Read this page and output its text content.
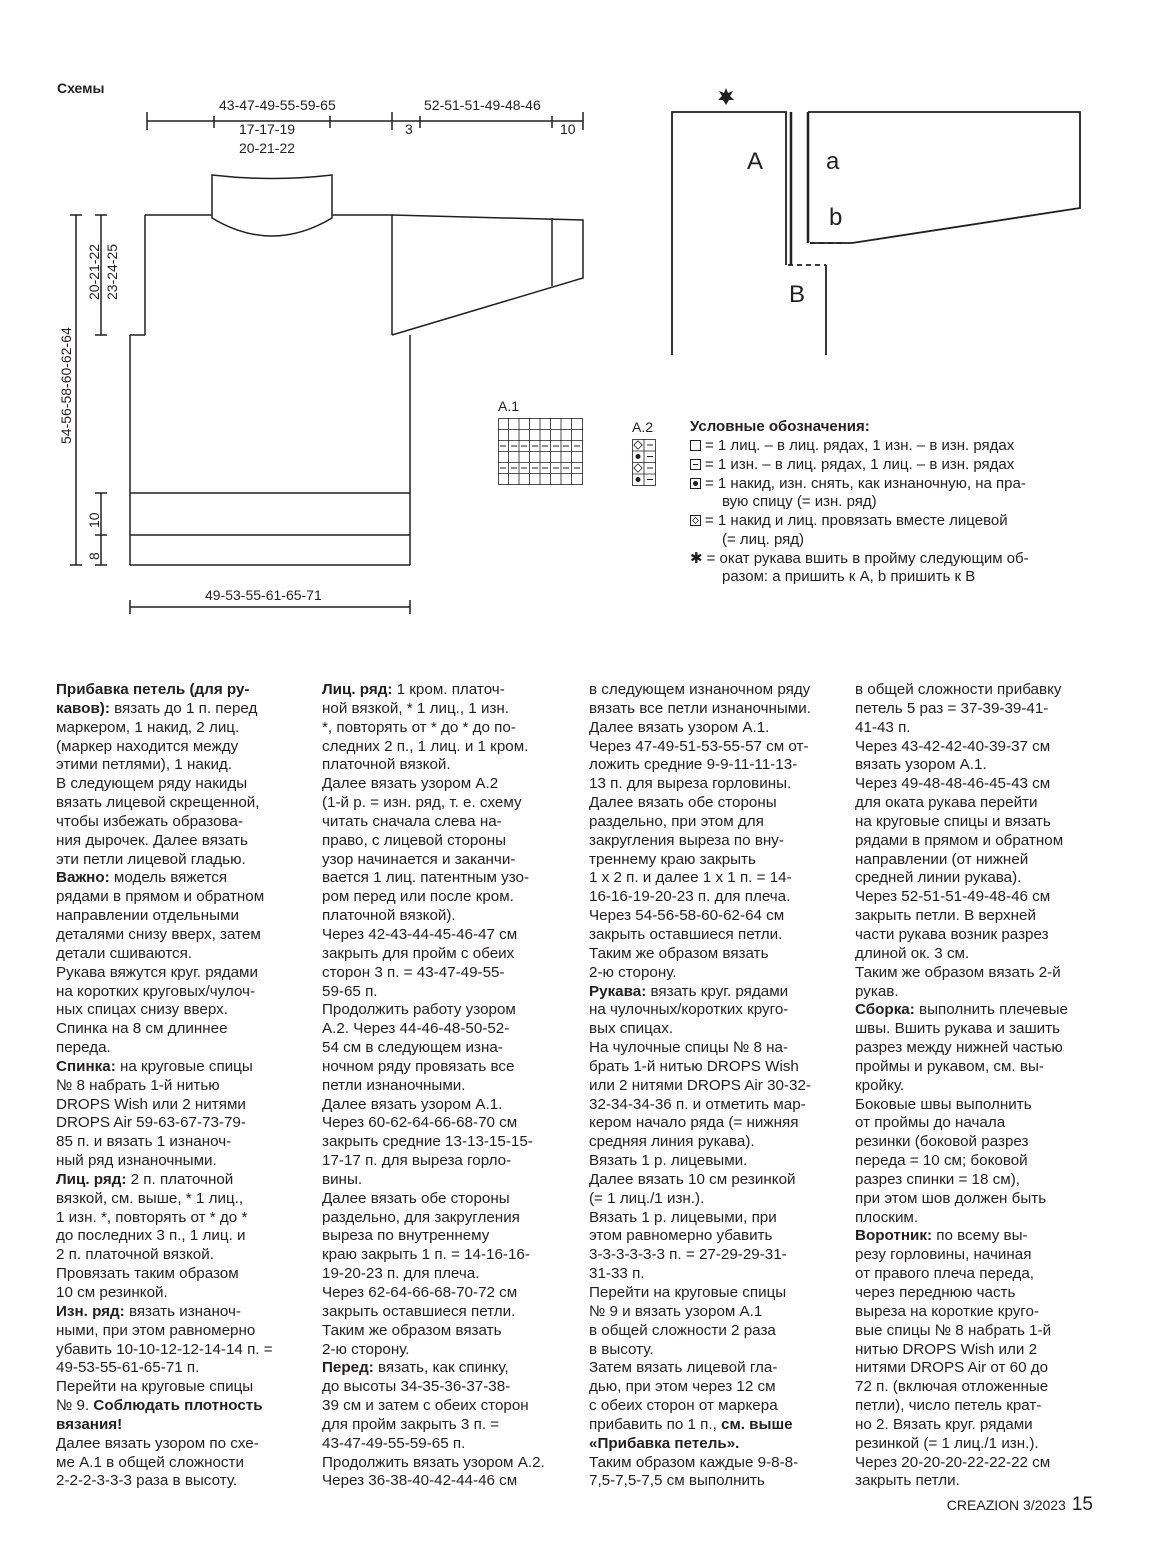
Схемы
43-47-49-55-59-65	52-51-51-49-48-46
17-17-19
20-21-22
3	10
20-21-22 23-24-25
54-56-58-60-62-64
10
8
49-53-55-61-65-71
A	a
b
B
A.1
A.2 Условные обозначения:
= 1 лиц. – в лиц. рядах, 1 изн. – в изн. рядах
= 1 изн. – в лиц. рядах, 1 лиц. – в изн. рядах
= 1 накид, изн. снять, как изнаночную, на пра-
вую спицу (= изн. ряд)
= 1 накид и лиц. провязать вместе лицевой
(= лиц. ряд)
✱ = окат рукава вшить в пройму следующим об-
разом: a пришить к A, b пришить к B

Прибавка петель (для ру-

кавов): вязать до 1 п. перед

маркером, 1 накид, 2 лиц.

(маркер находится между

этими петлями), 1 накид.

В следующем ряду накиды

вязать лицевой скрещенной,

чтобы избежать образова-

ния дырочек. Далее вязать

эти петли лицевой гладью.

Важно: модель вяжется

рядами в прямом и обратном

направлении отдельными

деталями снизу вверх, затем

детали сшиваются.

Рукава вяжутся круг. рядами

на коротких круговых/чулоч-

ных спицах снизу вверх.

Спинка на 8 см длиннее

переда.

Спинка: на круговые спицы

№ 8 набрать 1-й нитью

DROPS Wish или 2 нитями

DROPS Air 59-63-67-73-79-

85 п. и вязать 1 изнаноч-

ный ряд изнаночными.

Лиц. ряд: 2 п. платочной

вязкой, см. выше, * 1 лиц.,

1 изн. *, повторять от * до *

до последних 3 п., 1 лиц. и

2 п. платочной вязкой.

Провязать таким образом

10 см резинкой.

Изн. ряд: вязать изнаноч-

ными, при этом равномерно

убавить 10-10-12-12-14-14 п. =

49-53-55-61-65-71 п.

Перейти на круговые спицы

№ 9. Соблюдать плотность

вязания!

Далее вязать узором по схе-

ме A.1 в общей сложности

2-2-2-3-3-3 раза в высоту.

Лиц. ряд: 1 кром. платоч-

ной вязкой, * 1 лиц., 1 изн.

*, повторять от * до * до по-

следних 2 п., 1 лиц. и 1 кром.

платочной вязкой.

Далее вязать узором A.2

(1-й р. = изн. ряд, т. е. схему

читать сначала слева на-

право, с лицевой стороны

узор начинается и заканчи-

вается 1 лиц. патентным узо-

ром перед или после кром.

платочной вязкой).

Через 42-43-44-45-46-47 см

закрыть для пройм с обеих

сторон 3 п. = 43-47-49-55-

59-65 п.

Продолжить работу узором

A.2. Через 44-46-48-50-52-

54 см в следующем изна-

ночном ряду провязать все

петли изнаночными.

Далее вязать узором A.1.

Через 60-62-64-66-68-70 см

закрыть средние 13-13-15-15-

17-17 п. для выреза горло-

вины.

Далее вязать обе стороны

раздельно, для закругления

выреза по внутреннему

краю закрыть 1 п. = 14-16-16-

19-20-23 п. для плеча.

Через 62-64-66-68-70-72 см

закрыть оставшиеся петли.

Таким же образом вязать

2-ю сторону.

Перед: вязать, как спинку,

до высоты 34-35-36-37-38-

39 см и затем с обеих сторон

для пройм закрыть 3 п. =

43-47-49-55-59-65 п.

Продолжить вязать узором A.2.

Через 36-38-40-42-44-46 см

в следующем изнаночном ряду

вязать все петли изнаночными.

Далее вязать узором A.1.

Через 47-49-51-53-55-57 см от-

ложить средние 9-9-11-11-13-

13 п. для выреза горловины.

Далее вязать обе стороны

раздельно, при этом для

закругления выреза по вну-

треннему краю закрыть

1 х 2 п. и далее 1 х 1 п. = 14-

16-16-19-20-23 п. для плеча.

Через 54-56-58-60-62-64 см

закрыть оставшиеся петли.

Таким же образом вязать

2-ю сторону.

Рукава: вязать круг. рядами

на чулочных/коротких круго-

вых спицах.

На чулочные спицы № 8 на-

брать 1-й нитью DROPS Wish

или 2 нитями DROPS Air 30-32-

32-34-34-36 п. и отметить мар-

кером начало ряда (= нижняя

средняя линия рукава).

Вязать 1 р. лицевыми.

Далее вязать 10 см резинкой

(= 1 лиц./1 изн.).

Вязать 1 р. лицевыми, при

этом равномерно убавить

3-3-3-3-3-3 п. = 27-29-29-31-

31-33 п.

Перейти на круговые спицы

№ 9 и вязать узором A.1

в общей сложности 2 раза

в высоту.

Затем вязать лицевой гла-

дью, при этом через 12 см

с обеих сторон от маркера

прибавить по 1 п., см. выше

«Прибавка петель».

Таким образом каждые 9-8-8-

7,5-7,5-7,5 см выполнить

в общей сложности прибавку

петель 5 раз = 37-39-39-41-

41-43 п.

Через 43-42-42-40-39-37 см

вязать узором A.1.

Через 49-48-48-46-45-43 см

для оката рукава перейти

на круговые спицы и вязать

рядами в прямом и обратном

направлении (от нижней

средней линии рукава).

Через 52-51-51-49-48-46 см

закрыть петли. В верхней

части рукава возник разрез

длиной ок. 3 см.

Таким же образом вязать 2-й

рукав.

Сборка: выполнить плечевые

швы. Вшить рукава и зашить

разрез между нижней частью

проймы и рукавом, см. вы-

кройку.

Боковые швы выполнить

от проймы до начала

резинки (боковой разрез

переда = 10 см; боковой

разрез спинки = 18 см),

при этом шов должен быть

плоским.

Воротник: по всему вы-

резу горловины, начиная

от правого плеча переда,

через переднюю часть

выреза на короткие круго-

вые спицы № 8 набрать 1-й

нитью DROPS Wish или 2

нитями DROPS Air от 60 до

72 п. (включая отложенные

петли), число петель крат-

но 2. Вязать круг. рядами

резинкой (= 1 лиц./1 изн.).

Через 20-20-20-22-22-22 см

закрыть петли.

CREAZION 3/2023 15
